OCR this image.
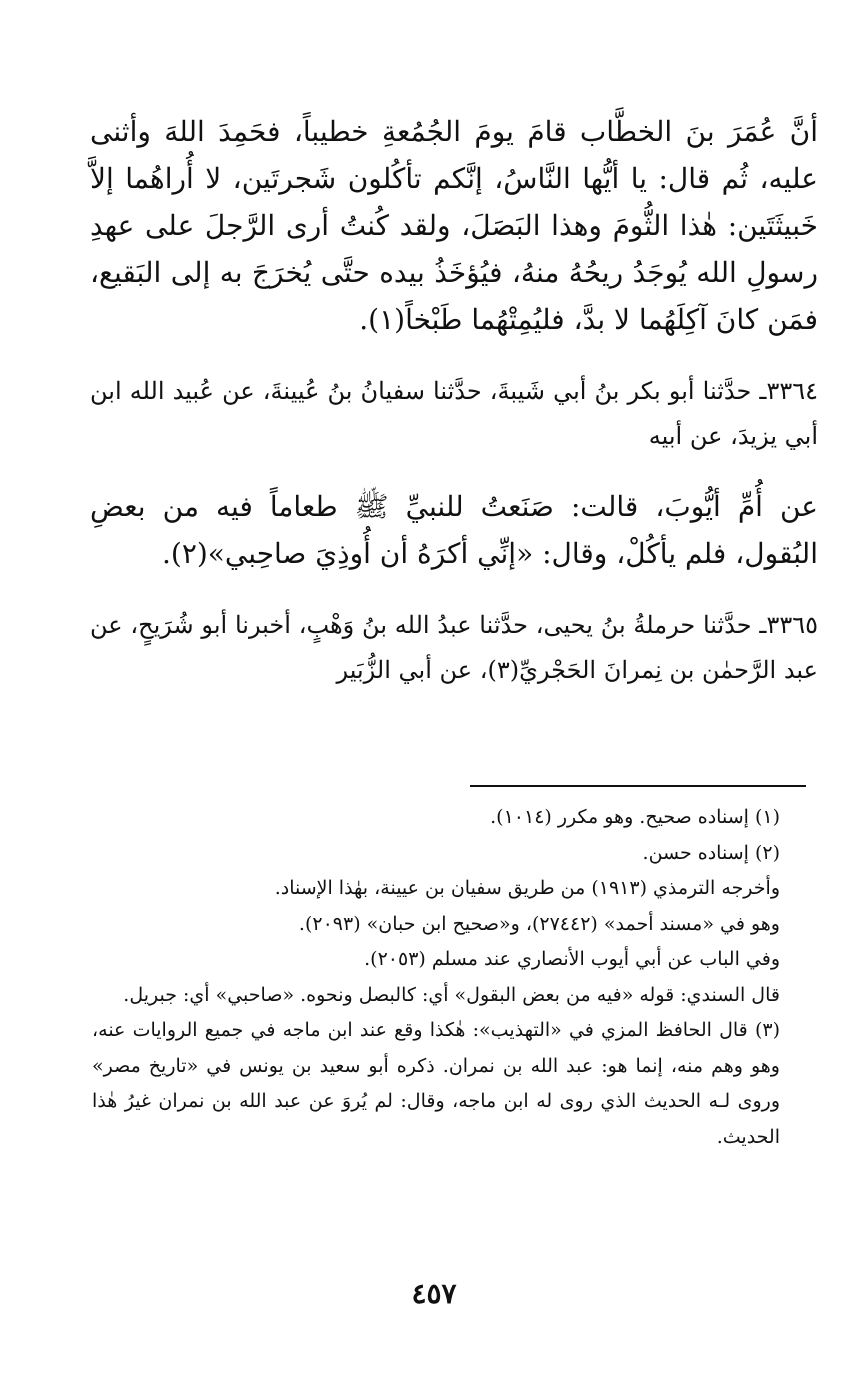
أنَّ عُمَرَ بنَ الخطَّاب قامَ يومَ الجُمُعةِ خطيباً، فحَمِدَ اللهَ وأثنى عليه، ثُم قال: يا أيُّها النَّاسُ، إنَّكم تأكُلون شَجرتَين، لا أُراهُما إلاَّ خَبيثَتَين: هٰذا الثُّومَ وهذا البَصَلَ، ولقد كُنتُ أرى الرَّجلَ على عهدِ رسولِ الله يُوجَدُ ريحُهُ منهُ، فيُؤخَذُ بيده حتَّى يُخرَجَ به إلى البَقيع، فمَن كانَ آكِلَهُما لا بدَّ، فليُمِتْهُما طَبْخاً(١).

٣٣٦٤ـ حدَّثنا أبو بكر بنُ أبي شَيبةَ، حدَّثنا سفيانُ بنُ عُيينةَ، عن عُبيد الله ابن أبي يزيدَ، عن أبيه

عن أُمِّ أيُّوبَ، قالت: صَنَعتُ للنبيِّ ﷺ طعاماً فيه من بعضِ البُقول، فلم يأكُلْ، وقال: «إنِّي أكرَهُ أن أُوذِيَ صاحِبي»(٢).

٣٣٦٥ـ حدَّثنا حرملةُ بنُ يحيى، حدَّثنا عبدُ الله بنُ وَهْبٍ، أخبرنا أبو شُرَيحٍ، عن عبد الرَّحمٰن بن نِمرانَ الحَجْريِّ(٣)، عن أبي الزُّبَير

(١) إسناده صحيح. وهو مكرر (١٠١٤).

(٢) إسناده حسن.

وأخرجه الترمذي (١٩١٣) من طريق سفيان بن عيينة، بهٰذا الإسناد.

وهو في «مسند أحمد» (٢٧٤٤٢)، و«صحيح ابن حبان» (٢٠٩٣).

وفي الباب عن أبي أيوب الأنصاري عند مسلم (٢٠٥٣).

قال السندي: قوله «فيه من بعض البقول» أي: كالبصل ونحوه. «صاحبي» أي: جبريل.

(٣) قال الحافظ المزي في «التهذيب»: هٰكذا وقع عند ابن ماجه في جميع الروايات عنه، وهو وهم منه، إنما هو: عبد الله بن نمران. ذكره أبو سعيد بن يونس في «تاريخ مصر» وروى لـه الحديث الذي روى له ابن ماجه، وقال: لم يُروَ عن عبد الله بن نمران غيرُ هٰذا الحديث.

٤٥٧
